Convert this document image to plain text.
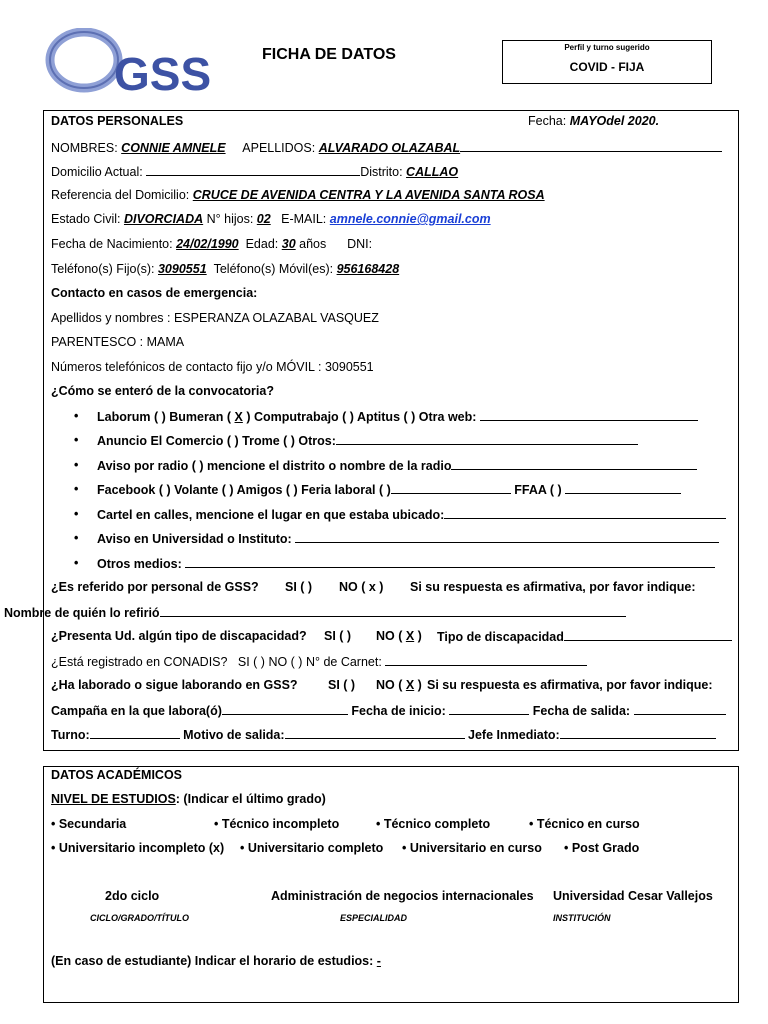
GSS	FICHA DE DATOS	Perfil y turno sugerido
COVID - FIJA
DATOS PERSONALES	Fecha: MAYOdel 2020.
NOMBRES: CONNIE AMNELE APELLIDOS: ALVARADO OLAZABAL
Domicilio Actual:	Distrito: CALLAO
Referencia del Domicilio: CRUCE DE AVENIDA CENTRA Y LA AVENIDA SANTA ROSA
Estado Civil: DIVORCIADA N° hijos: 02 E-MAIL: amnele.connie@gmail.com
Fecha de Nacimiento: 24/02/1990 Edad: 30 años DNI:
Teléfono(s) Fijo(s): 3090551 Teléfono(s) Móvil(es): 956168428
Contacto en casos de emergencia:
Apellidos y nombres : ESPERANZA OLAZABAL VASQUEZ
PARENTESCO : MAMA
Números telefónicos de contacto fijo y/o MÓVIL : 3090551
¿Cómo se enteró de la convocatoria?
• Laborum ( ) Bumeran ( X ) Computrabajo ( ) Aptitus ( ) Otra web:
• Anuncio El Comercio ( ) Trome ( ) Otros:
• Aviso por radio ( ) mencione el distrito o nombre de la radio
• Facebook ( ) Volante ( ) Amigos ( ) Feria laboral ( )	FFAA ( )
• Cartel en calles, mencione el lugar en que estaba ubicado:
• Aviso en Universidad o Instituto:
• Otros medios:
¿Es referido por personal de GSS? SI ( ) NO ( x ) Si su respuesta es afirmativa, por favor indique:
Nombre de quién lo refirió
¿Presenta Ud. algún tipo de discapacidad? SI ( ) NO ( X ) Tipo de discapacidad
¿Está registrado en CONADIS? SI ( ) NO ( ) N° de Carnet:
¿Ha laborado o sigue laborando en GSS? SI ( ) NO ( X ) Si su respuesta es afirmativa, por favor indique:
Campaña en la que labora(ó)	Fecha de inicio:	Fecha de salida:
Turno:	Motivo de salida:	Jefe Inmediato:
DATOS ACADÉMICOS
NIVEL DE ESTUDIOS: (Indicar el último grado)
• Secundaria	• Técnico incompleto	• Técnico completo	• Técnico en curso
• Universitario incompleto (x) • Universitario completo • Universitario en curso • Post Grado
2do ciclo	Administración de negocios internacionales Universidad Cesar Vallejos
CICLO/GRADO/TÍTULO	ESPECIALIDAD	INSTITUCIÓN
(En caso de estudiante) Indicar el horario de estudios: -
